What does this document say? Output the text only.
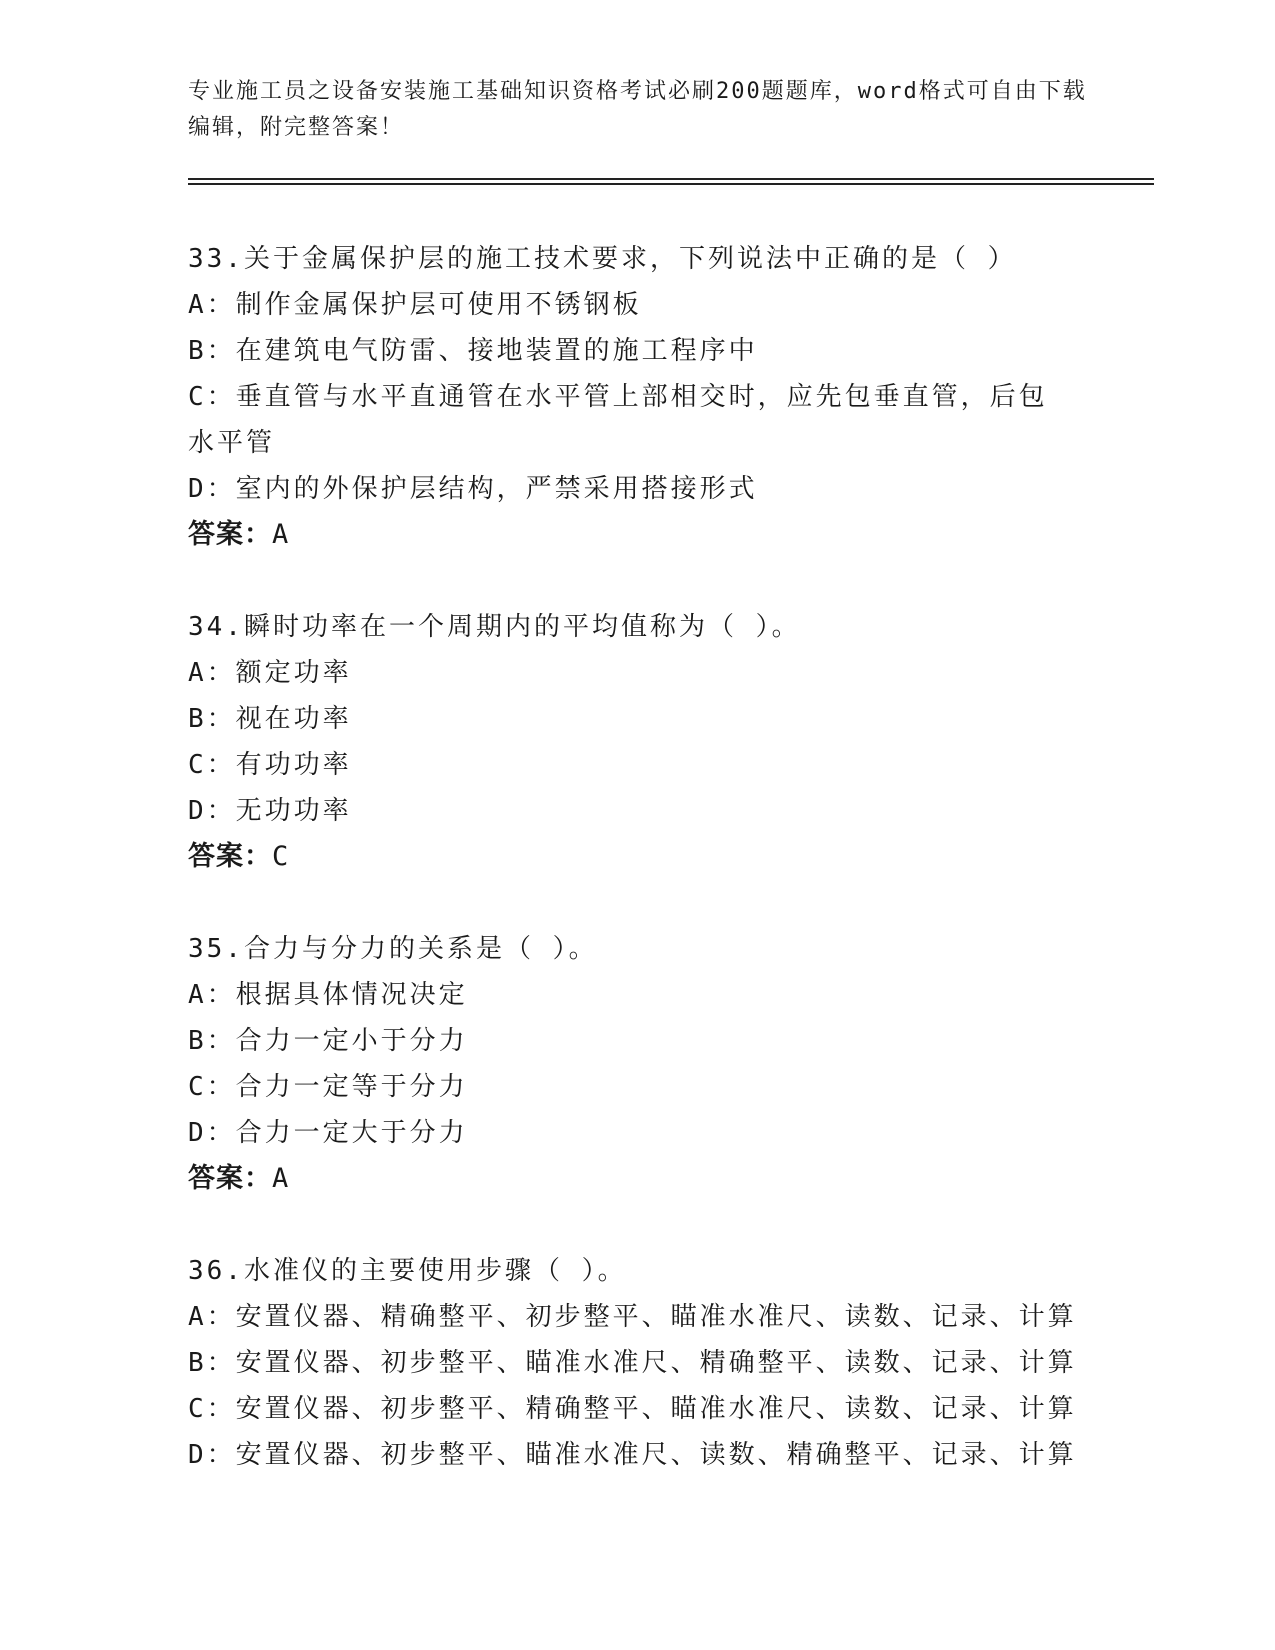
专业施工员之设备安装施工基础知识资格考试必刷200题题库，word格式可自由下载编辑，附完整答案！
33.关于金属保护层的施工技术要求，下列说法中正确的是（ ）
A：制作金属保护层可使用不锈钢板
B：在建筑电气防雷、接地装置的施工程序中
C：垂直管与水平直通管在水平管上部相交时，应先包垂直管，后包水平管
D：室内的外保护层结构，严禁采用搭接形式
答案：A
34.瞬时功率在一个周期内的平均值称为（ ）。
A：额定功率
B：视在功率
C：有功功率
D：无功功率
答案：C
35.合力与分力的关系是（ ）。
A：根据具体情况决定
B：合力一定小于分力
C：合力一定等于分力
D：合力一定大于分力
答案：A
36.水准仪的主要使用步骤（ ）。
A：安置仪器、精确整平、初步整平、瞄准水准尺、读数、记录、计算
B：安置仪器、初步整平、瞄准水准尺、精确整平、读数、记录、计算
C：安置仪器、初步整平、精确整平、瞄准水准尺、读数、记录、计算
D：安置仪器、初步整平、瞄准水准尺、读数、精确整平、记录、计算
